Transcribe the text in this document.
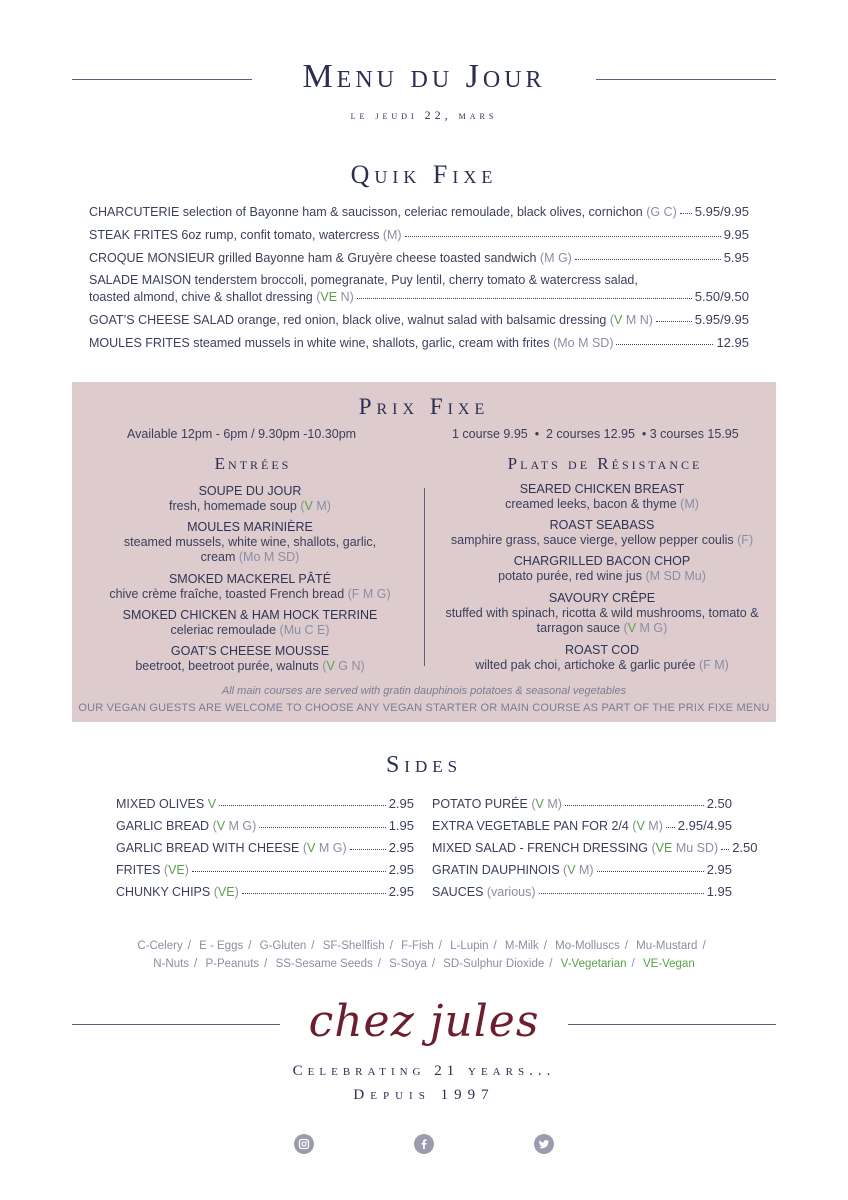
Menu du Jour
le jeudi 22, mars
Quik Fixe
CHARCUTERIE selection of Bayonne ham & saucisson, celeriac remoulade, black olives, cornichon (G C) 5.95/9.95
STEAK FRITES 6oz rump, confit tomato, watercress (M)	9.95
CROQUE MONSIEUR grilled Bayonne ham & Gruyère cheese toasted sandwich (M G)	5.95
SALADE MAISON tenderstem broccoli, pomegranate, Puy lentil, cherry tomato & watercress salad,
toasted almond, chive & shallot dressing (VE N)	5.50/9.50
GOAT’S CHEESE SALAD orange, red onion, black olive, walnut salad with balsamic dressing (V M N)	5.95/9.95
MOULES FRITES steamed mussels in white wine, shallots, garlic, cream with frites (Mo M SD)	12.95
Prix Fixe
Available 12pm - 6pm / 9.30pm -10.30pm	1 course 9.95  •  2 courses 12.95  • 3 courses 15.95
Entrées	Plats de Résistance
SOUPE DU JOUR
fresh, homemade soup (V M)
MOULES MARINIÈRE
steamed mussels, white wine, shallots, garlic,
cream (Mo M SD)
SMOKED MACKEREL PÂTÉ
chive crème fraîche, toasted French bread (F M G)
SMOKED CHICKEN & HAM HOCK TERRINE
celeriac remoulade (Mu C E)
GOAT’S CHEESE MOUSSE
beetroot, beetroot purée, walnuts (V G N)
SEARED CHICKEN BREAST
creamed leeks, bacon & thyme (M)
ROAST SEABASS
samphire grass, sauce vierge, yellow pepper coulis (F)
CHARGRILLED BACON CHOP
potato purée, red wine jus (M SD Mu)
SAVOURY CRÊPE
stuffed with spinach, ricotta & wild mushrooms, tomato &
tarragon sauce (V M G)
ROAST COD
wilted pak choi, artichoke & garlic purée (F M)
All main courses are served with gratin dauphinois potatoes & seasonal vegetables
OUR VEGAN GUESTS ARE WELCOME TO CHOOSE ANY VEGAN STARTER OR MAIN COURSE AS PART OF THE PRIX FIXE MENU
Sides
MIXED OLIVES V	2.95
GARLIC BREAD (V M G)	1.95
GARLIC BREAD WITH CHEESE (V M G)	2.95
FRITES (VE)	2.95
CHUNKY CHIPS (VE)	2.95
POTATO PURÉE (V M)	2.50
EXTRA VEGETABLE PAN FOR 2/4 (V M) 2.95/4.95
MIXED SALAD - FRENCH DRESSING (VE Mu SD) 2.50
GRATIN DAUPHINOIS (V M)	2.95
SAUCES (various)	1.95
C-Celery / E - Eggs / G-Gluten / SF-Shellfish / F-Fish / L-Lupin / M-Milk / Mo-Molluscs / Mu-Mustard /
N-Nuts / P-Peanuts / SS-Sesame Seeds / S-Soya / SD-Sulphur Dioxide / V-Vegetarian / VE-Vegan
chez jules
Celebrating 21 years...
Depuis 1997
